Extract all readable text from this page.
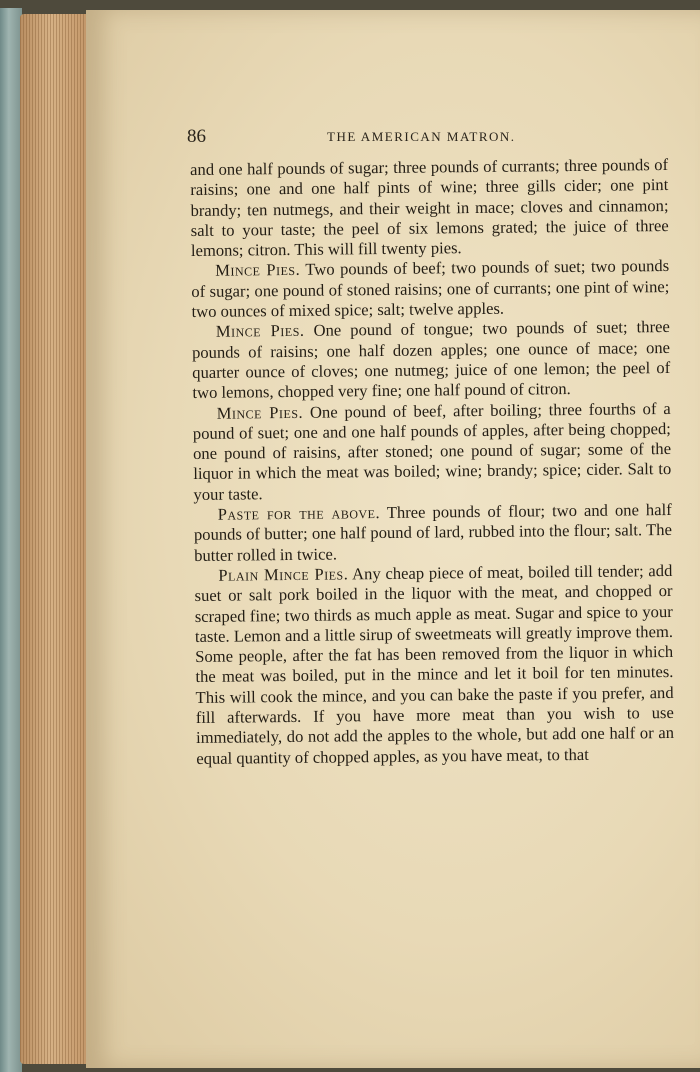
86	THE AMERICAN MATRON.

and one half pounds of sugar; three pounds of currants; three pounds of raisins; one and one half pints of wine; three gills cider; one pint brandy; ten nutmegs, and their weight in mace; cloves and cinnamon; salt to your taste; the peel of six lemons grated; the juice of three lemons; citron. This will fill twenty pies.

Mince Pies. Two pounds of beef; two pounds of suet; two pounds of sugar; one pound of stoned raisins; one of currants; one pint of wine; two ounces of mixed spice; salt; twelve apples.

Mince Pies. One pound of tongue; two pounds of suet; three pounds of raisins; one half dozen apples; one ounce of mace; one quarter ounce of cloves; one nutmeg; juice of one lemon; the peel of two lemons, chopped very fine; one half pound of citron.

Mince Pies. One pound of beef, after boiling; three fourths of a pound of suet; one and one half pounds of apples, after being chopped; one pound of raisins, after stoned; one pound of sugar; some of the liquor in which the meat was boiled; wine; brandy; spice; cider. Salt to your taste.

Paste for the above. Three pounds of flour; two and one half pounds of butter; one half pound of lard, rubbed into the flour; salt. The butter rolled in twice.

Plain Mince Pies. Any cheap piece of meat, boiled till tender; add suet or salt pork boiled in the liquor with the meat, and chopped or scraped fine; two thirds as much apple as meat. Sugar and spice to your taste. Lemon and a little sirup of sweetmeats will greatly improve them. Some people, after the fat has been removed from the liquor in which the meat was boiled, put in the mince and let it boil for ten minutes. This will cook the mince, and you can bake the paste if you prefer, and fill afterwards. If you have more meat than you wish to use immediately, do not add the apples to the whole, but add one half or an equal quantity of chopped apples, as you have meat, to that
